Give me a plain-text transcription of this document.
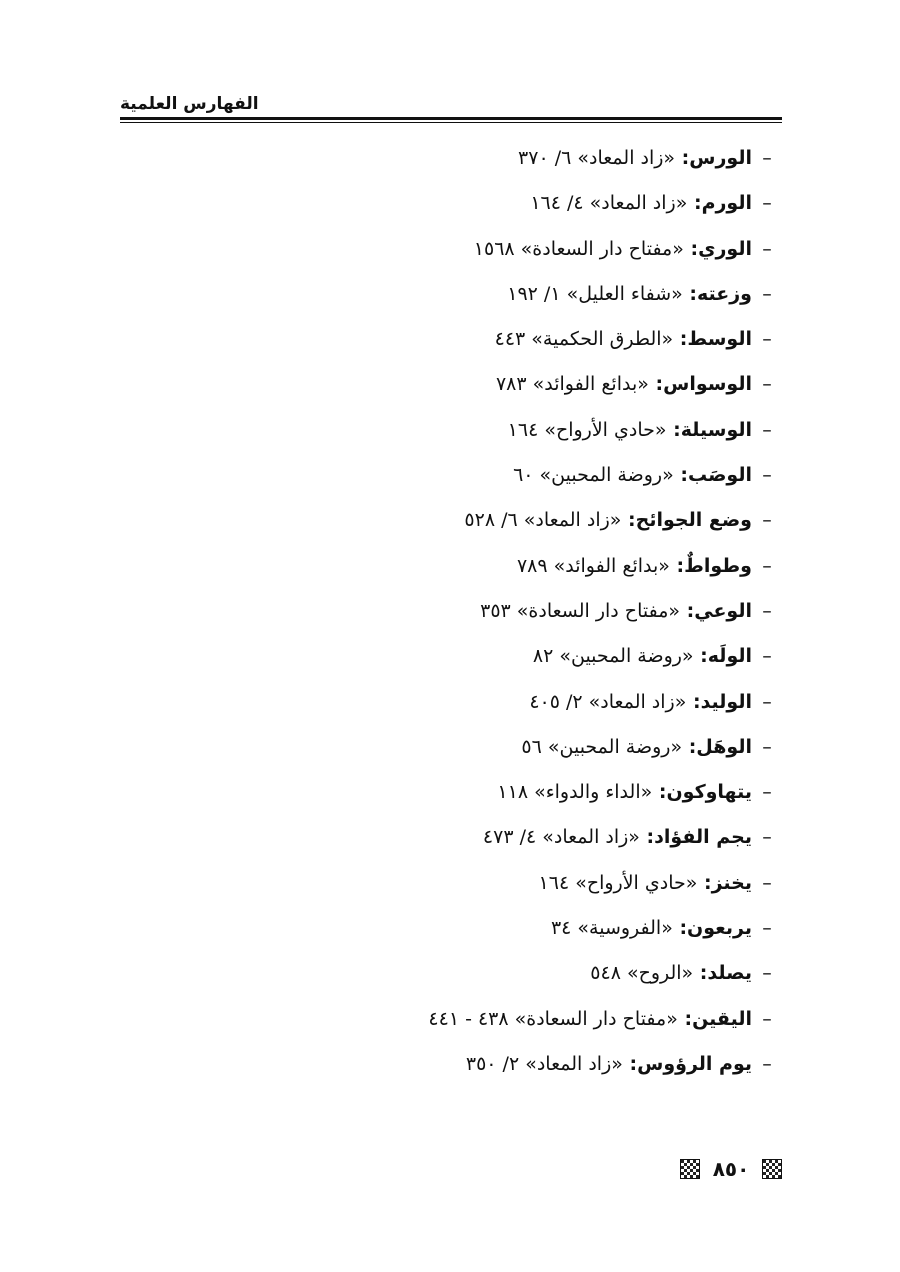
الفهارس العلمية
–الورس: «زاد المعاد» ٦/ ٣٧٠
–الورم: «زاد المعاد» ٤/ ١٦٤
–الوري: «مفتاح دار السعادة» ١٥٦٨
–وزعته: «شفاء العليل» ١/ ١٩٢
–الوسط: «الطرق الحكمية» ٤٤٣
–الوسواس: «بدائع الفوائد» ٧٨٣
–الوسيلة: «حادي الأرواح» ١٦٤
–الوصَب: «روضة المحبين» ٦٠
–وضع الجوائح: «زاد المعاد» ٦/ ٥٢٨
–وطواطٌ: «بدائع الفوائد» ٧٨٩
–الوعي: «مفتاح دار السعادة» ٣٥٣
–الولَه: «روضة المحبين» ٨٢
–الوليد: «زاد المعاد» ٢/ ٤٠٥
–الوهَل: «روضة المحبين» ٥٦
–يتهاوكون: «الداء والدواء» ١١٨
–يجم الفؤاد: «زاد المعاد» ٤/ ٤٧٣
–يخنز: «حادي الأرواح» ١٦٤
–يربعون: «الفروسية» ٣٤
–يصلد: «الروح» ٥٤٨
–اليقين: «مفتاح دار السعادة» ٤٣٨ - ٤٤١
–يوم الرؤوس: «زاد المعاد» ٢/ ٣٥٠
٨٥٠
